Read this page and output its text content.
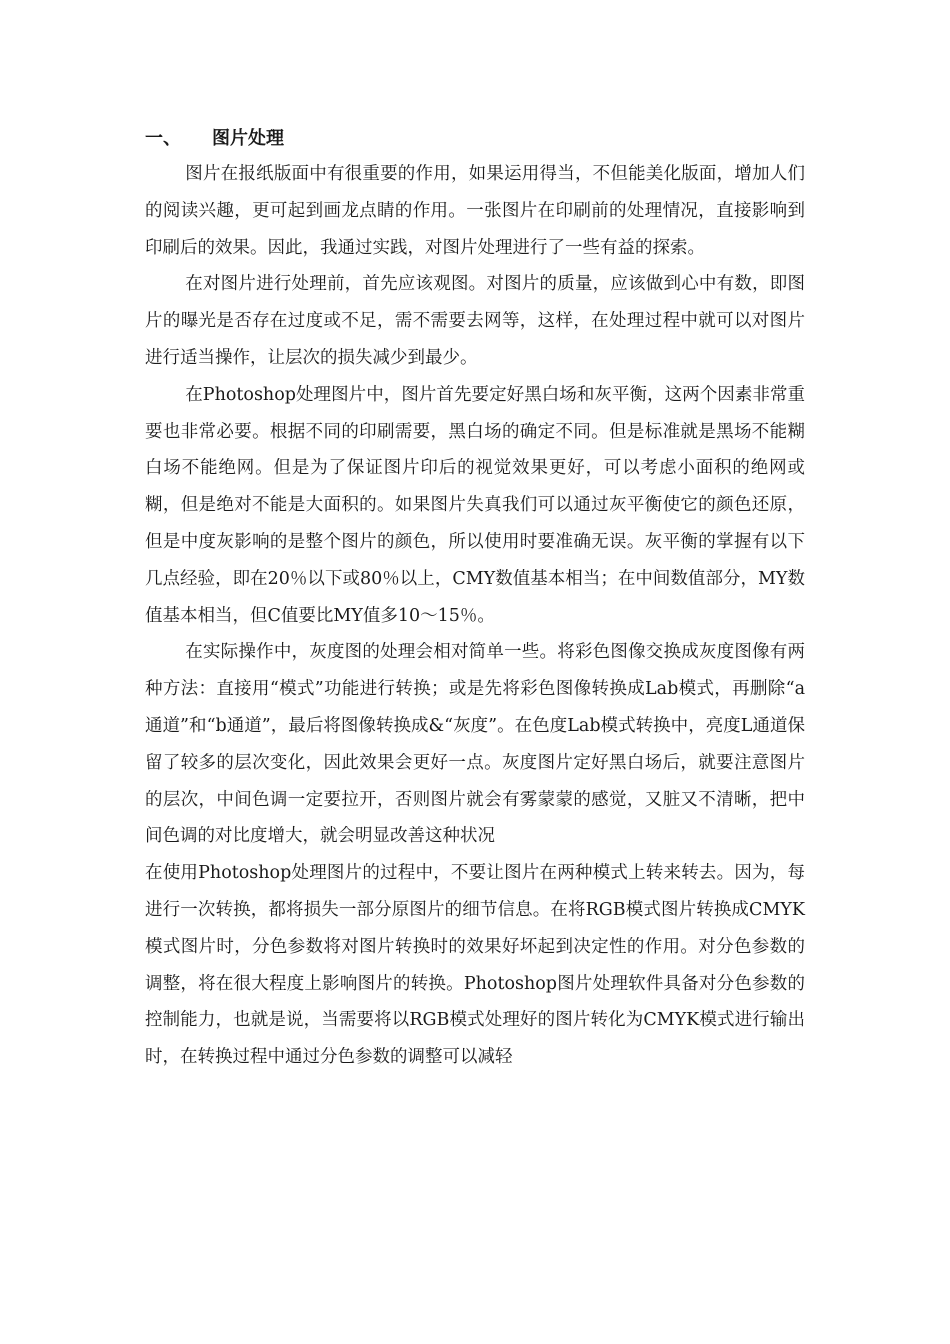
一、 图片处理

图片在报纸版面中有很重要的作用，如果运用得当，不但能美化版面，增加人们的阅读兴趣，更可起到画龙点睛的作用。一张图片在印刷前的处理情况，直接影响到印刷后的效果。因此，我通过实践，对图片处理进行了一些有益的探索。

在对图片进行处理前，首先应该观图。对图片的质量，应该做到心中有数，即图片的曝光是否存在过度或不足，需不需要去网等，这样，在处理过程中就可以对图片进行适当操作，让层次的损失减少到最少。

在Photoshop处理图片中，图片首先要定好黑白场和灰平衡，这两个因素非常重要也非常必要。根据不同的印刷需要，黑白场的确定不同。但是标准就是黑场不能糊白场不能绝网。但是为了保证图片印后的视觉效果更好，可以考虑小面积的绝网或糊，但是绝对不能是大面积的。如果图片失真我们可以通过灰平衡使它的颜色还原，但是中度灰影响的是整个图片的颜色，所以使用时要准确无误。灰平衡的掌握有以下几点经验，即在20％以下或80％以上，CMY数值基本相当；在中间数值部分，MY数值基本相当，但C值要比MY值多10～15％。

在实际操作中，灰度图的处理会相对简单一些。将彩色图像交换成灰度图像有两种方法：直接用“模式”功能进行转换；或是先将彩色图像转换成Lab模式，再删除“a通道”和“b通道”，最后将图像转换成&“灰度”。在色度Lab模式转换中，亮度L通道保留了较多的层次变化，因此效果会更好一点。灰度图片定好黑白场后，就要注意图片的层次，中间色调一定要拉开，否则图片就会有雾蒙蒙的感觉，又脏又不清晰，把中间色调的对比度增大，就会明显改善这种状况

在使用Photoshop处理图片的过程中，不要让图片在两种模式上转来转去。因为，每进行一次转换，都将损失一部分原图片的细节信息。在将RGB模式图片转换成CMYK模式图片时，分色参数将对图片转换时的效果好坏起到决定性的作用。对分色参数的调整，将在很大程度上影响图片的转换。Photoshop图片处理软件具备对分色参数的控制能力，也就是说，当需要将以RGB模式处理好的图片转化为CMYK模式进行输出时，在转换过程中通过分色参数的调整可以减轻
